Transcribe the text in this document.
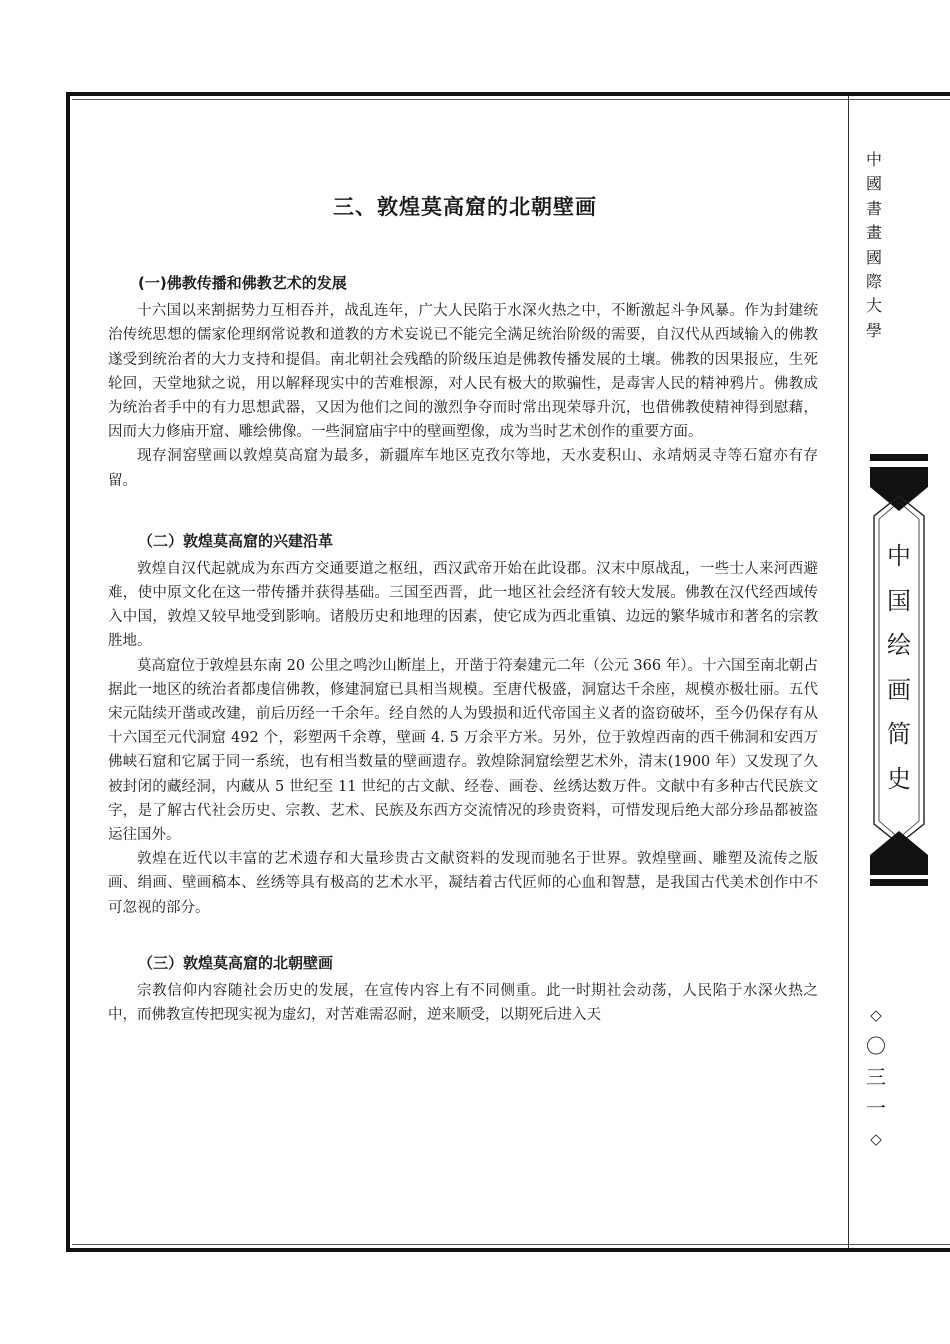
三、敦煌莫高窟的北朝壁画
(一)佛教传播和佛教艺术的发展

十六国以来割据势力互相吞并，战乱连年，广大人民陷于水深火热之中，不断激起斗争风暴。作为封建统治传统思想的儒家伦理纲常说教和道教的方术妄说已不能完全满足统治阶级的需要，自汉代从西域输入的佛教遂受到统治者的大力支持和提倡。南北朝社会残酷的阶级压迫是佛教传播发展的土壤。佛教的因果报应，生死轮回，天堂地狱之说，用以解释现实中的苦难根源，对人民有极大的欺骗性，是毒害人民的精神鸦片。佛教成为统治者手中的有力思想武器，又因为他们之间的激烈争夺而时常出现荣辱升沉，也借佛教使精神得到慰藉，因而大力修庙开窟、雕绘佛像。一些洞窟庙宇中的壁画塑像，成为当时艺术创作的重要方面。

现存洞窑壁画以敦煌莫高窟为最多，新疆库车地区克孜尔等地，天水麦积山、永靖炳灵寺等石窟亦有存留。

（二）敦煌莫高窟的兴建沿革

敦煌自汉代起就成为东西方交通要道之枢纽，西汉武帝开始在此设郡。汉末中原战乱，一些士人来河西避难，使中原文化在这一带传播并获得基础。三国至西晋，此一地区社会经济有较大发展。佛教在汉代经西域传入中国，敦煌又较早地受到影响。诸般历史和地理的因素，使它成为西北重镇、边远的繁华城市和著名的宗教胜地。

莫高窟位于敦煌县东南 20 公里之鸣沙山断崖上，开凿于符秦建元二年（公元 366 年）。十六国至南北朝占据此一地区的统治者都虔信佛教，修建洞窟已具相当规模。至唐代极盛，洞窟达千余座，规模亦极壮丽。五代宋元陆续开凿或改建，前后历经一千余年。经自然的人为毁损和近代帝国主义者的盗窃破坏，至今仍保存有从十六国至元代洞窟 492 个，彩塑两千余尊，壁画 4. 5 万余平方米。另外，位于敦煌西南的西千佛洞和安西万佛峡石窟和它属于同一系统，也有相当数量的壁画遗存。敦煌除洞窟绘塑艺术外，清末(1900 年）又发现了久被封闭的藏经洞，内藏从 5 世纪至 11 世纪的古文献、经卷、画卷、丝绣达数万件。文献中有多种古代民族文字，是了解古代社会历史、宗教、艺术、民族及东西方交流情况的珍贵资料，可惜发现后绝大部分珍品都被盗运往国外。

敦煌在近代以丰富的艺术遗存和大量珍贵古文献资料的发现而驰名于世界。敦煌壁画、雕塑及流传之版画、绢画、壁画稿本、丝绣等具有极高的艺术水平，凝结着古代匠师的心血和智慧，是我国古代美术创作中不可忽视的部分。

（三）敦煌莫高窟的北朝壁画

宗教信仰内容随社会历史的发展，在宣传内容上有不同侧重。此一时期社会动荡，人民陷于水深火热之中，而佛教宣传把现实视为虚幻，对苦难需忍耐，逆来顺受，以期死后进入天

中
國
書
畫
國
際
大
學
中
国
绘
画
简
史
◇
〇
三
一
◇
